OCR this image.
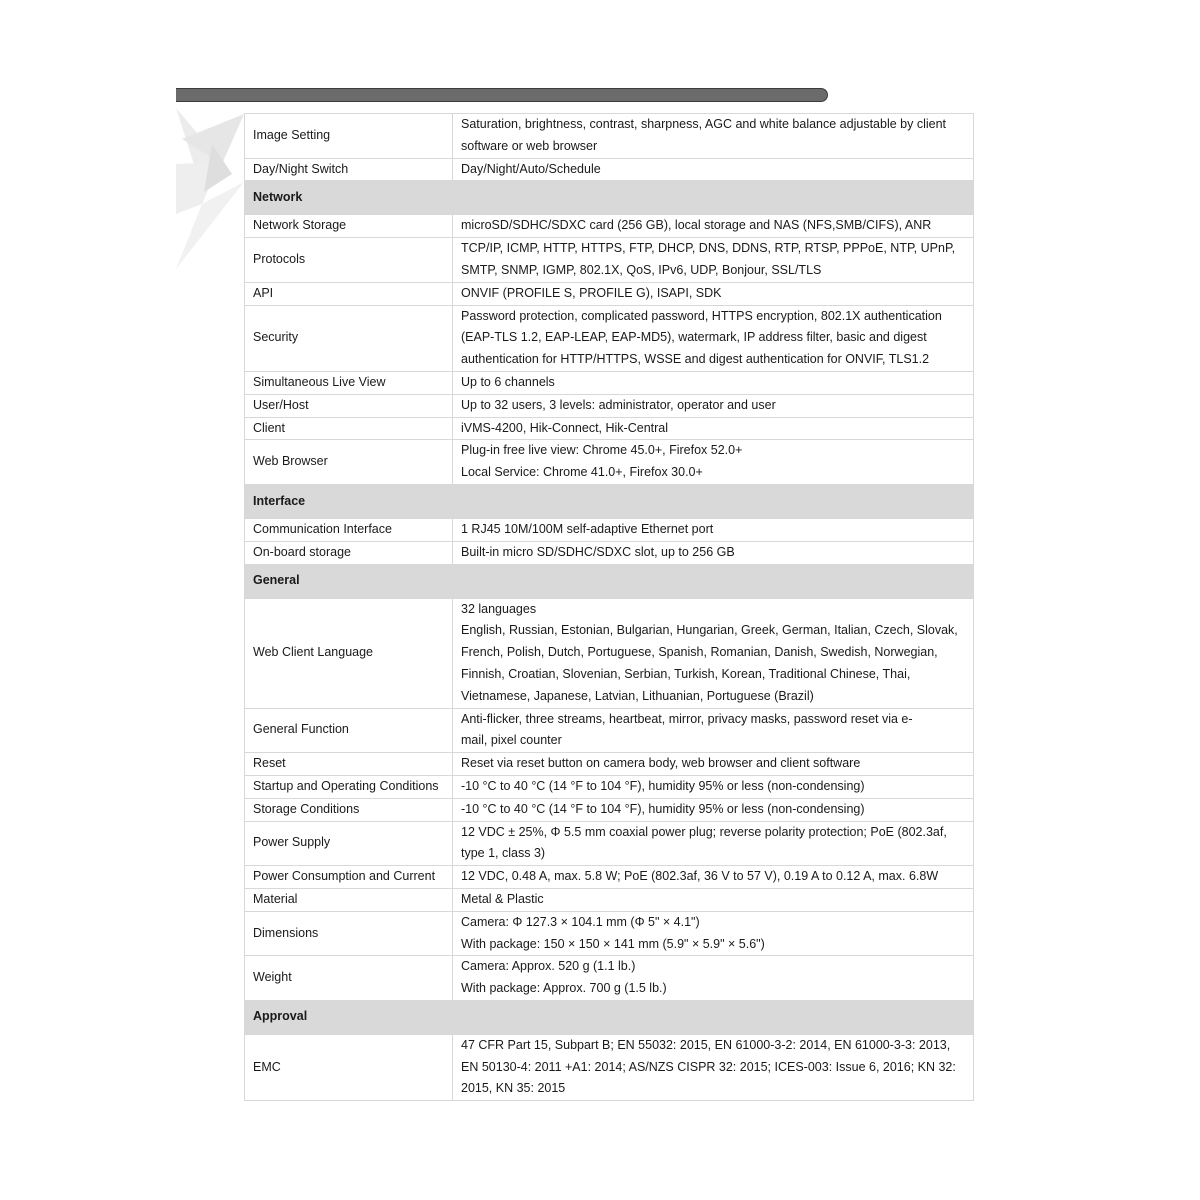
Image Setting	Saturation, brightness, contrast, sharpness, AGC and white balance adjustable by client
software or web browser

Day/Night Switch	Day/Night/Auto/Schedule

Network	
Network Storage	microSD/SDHC/SDXC card (256 GB), local storage and NAS (NFS,SMB/CIFS), ANR

Protocols	TCP/IP, ICMP, HTTP, HTTPS, FTP, DHCP, DNS, DDNS, RTP, RTSP, PPPoE, NTP, UPnP,
SMTP, SNMP, IGMP, 802.1X, QoS, IPv6, UDP, Bonjour, SSL/TLS

API	ONVIF (PROFILE S, PROFILE G), ISAPI, SDK

Security	Password protection, complicated password, HTTPS encryption, 802.1X authentication
(EAP-TLS 1.2, EAP-LEAP, EAP-MD5), watermark, IP address filter, basic and digest
authentication for HTTP/HTTPS, WSSE and digest authentication for ONVIF, TLS1.2

Simultaneous Live View	Up to 6 channels

User/Host	Up to 32 users, 3 levels: administrator, operator and user

Client	iVMS-4200, Hik-Connect, Hik-Central

Web Browser	Plug-in free live view: Chrome 45.0+, Firefox 52.0+
Local Service: Chrome 41.0+, Firefox 30.0+

Interface	
Communication Interface	1 RJ45 10M/100M self-adaptive Ethernet port

On-board storage	Built-in micro SD/SDHC/SDXC slot, up to 256 GB

General	
Web Client Language	32 languages
English, Russian, Estonian, Bulgarian, Hungarian, Greek, German, Italian, Czech, Slovak,
French, Polish, Dutch, Portuguese, Spanish, Romanian, Danish, Swedish, Norwegian,
Finnish, Croatian, Slovenian, Serbian, Turkish, Korean, Traditional Chinese, Thai,
Vietnamese, Japanese, Latvian, Lithuanian, Portuguese (Brazil)

General Function	Anti-flicker, three streams, heartbeat, mirror, privacy masks, password reset via e-
mail, pixel counter

Reset	Reset via reset button on camera body, web browser and client software

Startup and Operating Conditions	-10 °C to 40 °C (14 °F to 104 °F), humidity 95% or less (non-condensing)

Storage Conditions	-10 °C to 40 °C (14 °F to 104 °F), humidity 95% or less (non-condensing)

Power Supply	12 VDC ± 25%, Φ 5.5 mm coaxial power plug; reverse polarity protection; PoE (802.3af,
type 1, class 3)

Power Consumption and Current	12 VDC, 0.48 A, max. 5.8 W; PoE (802.3af, 36 V to 57 V), 0.19 A to 0.12 A, max. 6.8W

Material	Metal & Plastic

Dimensions	Camera: Φ 127.3 × 104.1 mm (Φ 5" × 4.1")
With package: 150 × 150 × 141 mm (5.9" × 5.9" × 5.6")

Weight	Camera: Approx. 520 g (1.1 lb.)
With package: Approx. 700 g (1.5 lb.)

Approval	
EMC	47 CFR Part 15, Subpart B; EN 55032: 2015, EN 61000-3-2: 2014, EN 61000-3-3: 2013,
EN 50130-4: 2011 +A1: 2014; AS/NZS CISPR 32: 2015; ICES-003: Issue 6, 2016; KN 32:
2015, KN 35: 2015
